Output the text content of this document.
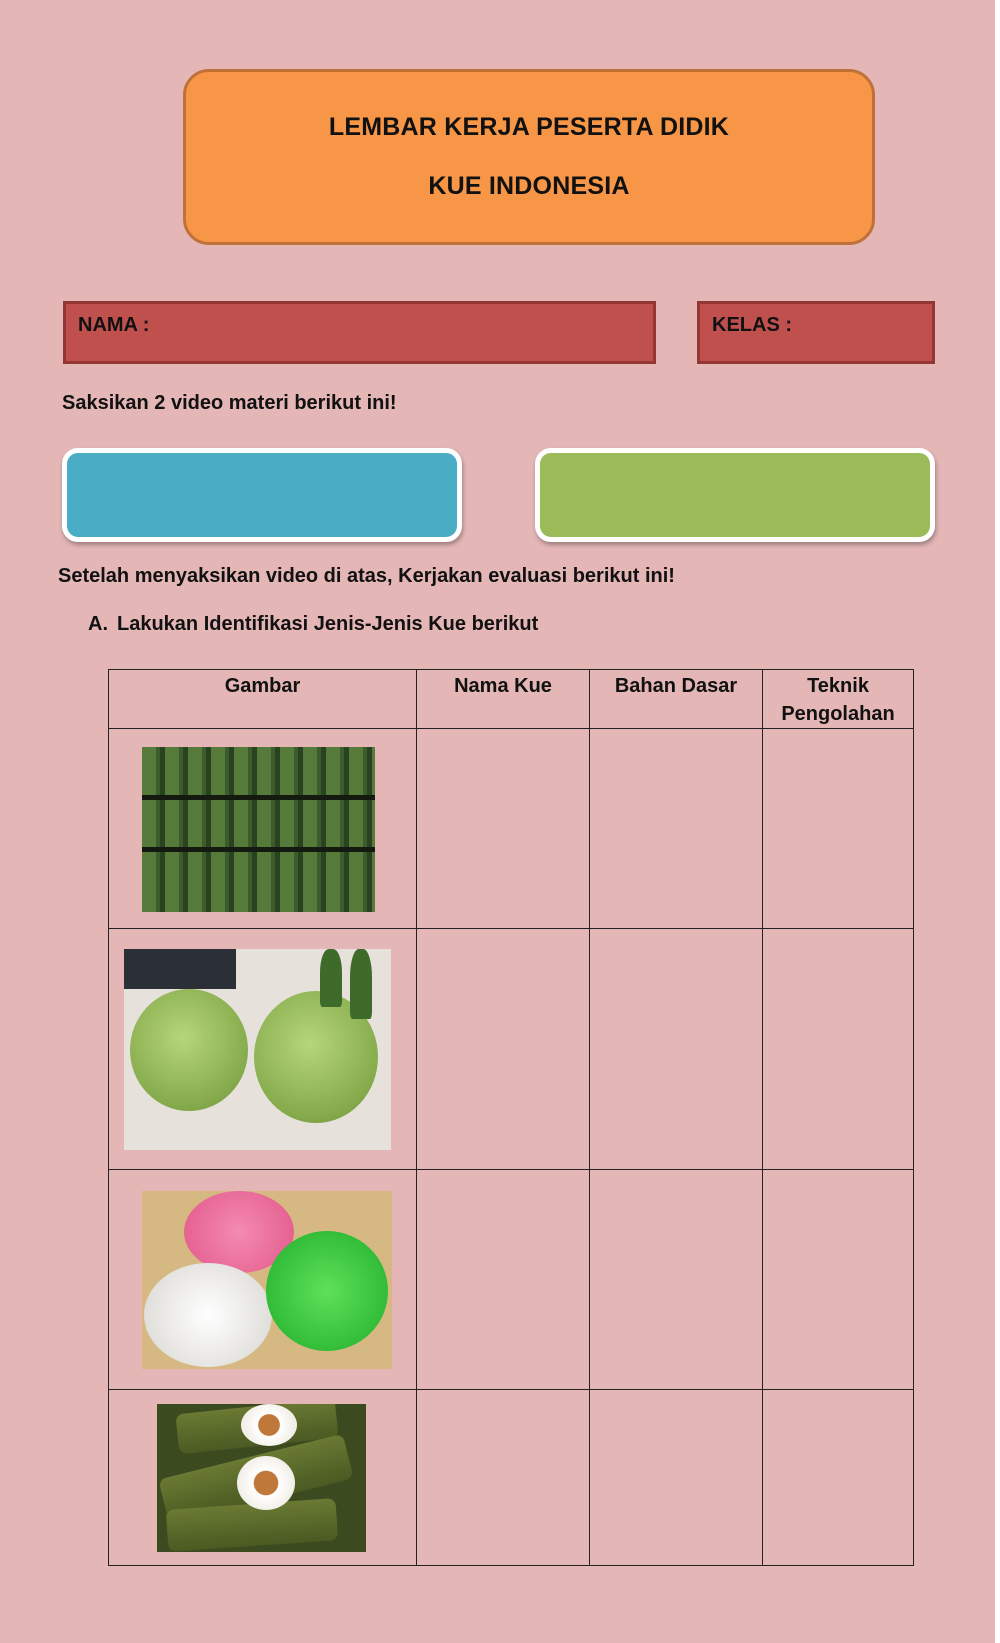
LEMBAR KERJA PESERTA DIDIK
KUE INDONESIA
NAMA :	KELAS :
Saksikan 2 video materi berikut ini!
Setelah menyaksikan video di atas, Kerjakan evaluasi berikut ini!
A. Lakukan Identifikasi Jenis-Jenis Kue berikut
Gambar	Nama Kue	Bahan Dasar	Teknik Pengolahan
